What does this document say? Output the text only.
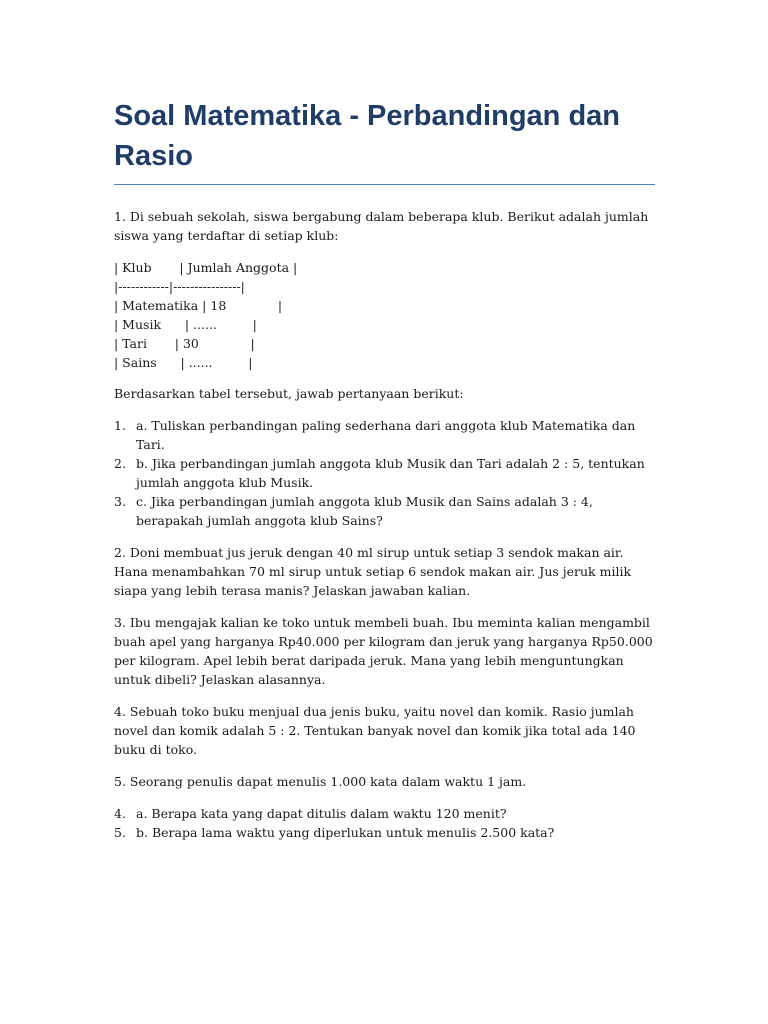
Soal Matematika - Perbandingan dan Rasio

1. Di sebuah sekolah, siswa bergabung dalam beberapa klub. Berikut adalah jumlah siswa yang terdaftar di setiap klub:

| Klub       | Jumlah Anggota |
|------------|----------------|
| Matematika | 18             |
| Musik      | ......         |
| Tari       | 30             |
| Sains      | ......         |

Berdasarkan tabel tersebut, jawab pertanyaan berikut:

1. a. Tuliskan perbandingan paling sederhana dari anggota klub Matematika dan Tari.
2. b. Jika perbandingan jumlah anggota klub Musik dan Tari adalah 2 : 5, tentukan jumlah anggota klub Musik.
3. c. Jika perbandingan jumlah anggota klub Musik dan Sains adalah 3 : 4, berapakah jumlah anggota klub Sains?

2. Doni membuat jus jeruk dengan 40 ml sirup untuk setiap 3 sendok makan air. Hana menambahkan 70 ml sirup untuk setiap 6 sendok makan air. Jus jeruk milik siapa yang lebih terasa manis? Jelaskan jawaban kalian.

3. Ibu mengajak kalian ke toko untuk membeli buah. Ibu meminta kalian mengambil buah apel yang harganya Rp40.000 per kilogram dan jeruk yang harganya Rp50.000 per kilogram. Apel lebih berat daripada jeruk. Mana yang lebih menguntungkan untuk dibeli? Jelaskan alasannya.

4. Sebuah toko buku menjual dua jenis buku, yaitu novel dan komik. Rasio jumlah novel dan komik adalah 5 : 2. Tentukan banyak novel dan komik jika total ada 140 buku di toko.

5. Seorang penulis dapat menulis 1.000 kata dalam waktu 1 jam.

4. a. Berapa kata yang dapat ditulis dalam waktu 120 menit?
5. b. Berapa lama waktu yang diperlukan untuk menulis 2.500 kata?
